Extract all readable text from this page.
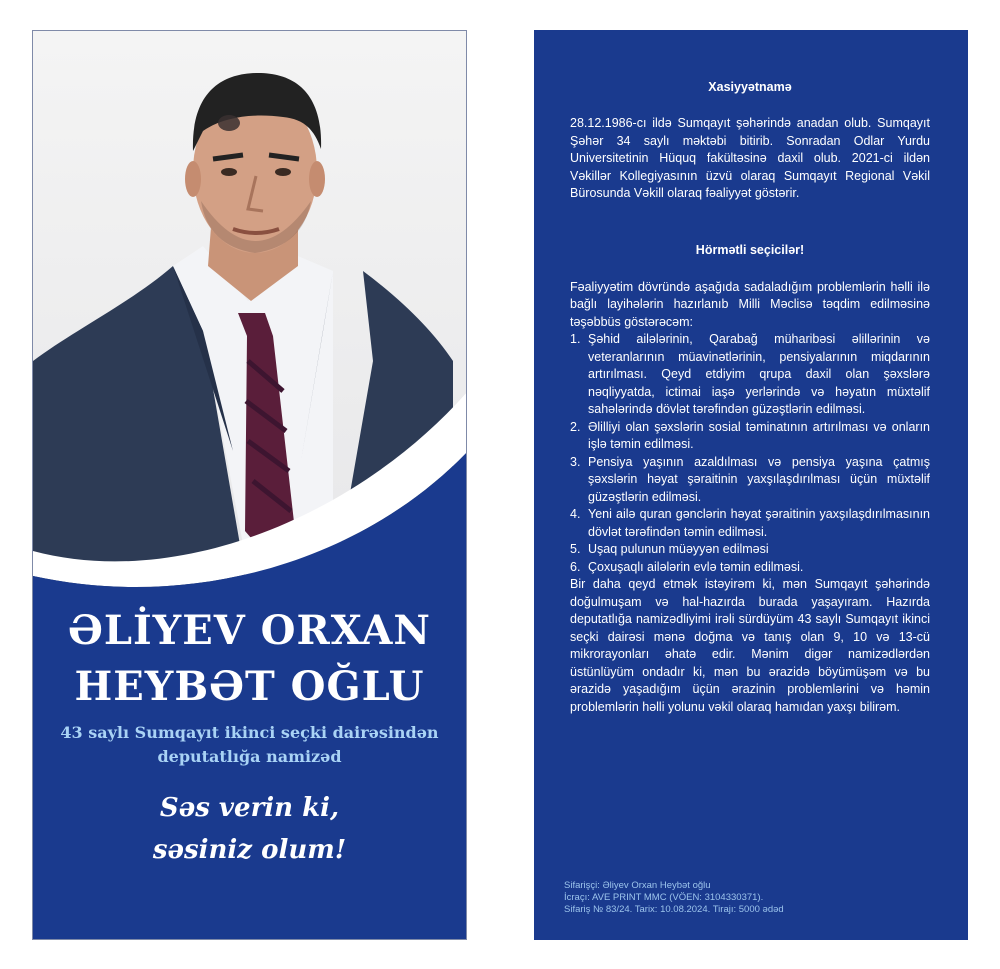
ƏLİYEV ORXAN
HEYBƏT OĞLU
43 saylı Sumqayıt ikinci seçki dairəsindən
deputatlığa namizəd
Səs verin ki,
səsiniz olum!

Xasiyyətnamə

28.12.1986-cı ildə Sumqayıt şəhərində anadan olub. Sumqayıt Şəhər 34 saylı məktəbi bitirib. Sonradan Odlar Yurdu Universitetinin Hüquq fakültəsinə daxil olub. 2021-ci ildən Vəkillər Kollegiyasının üzvü olaraq Sumqayıt Regional Vəkil Bürosunda Vəkill olaraq fəaliyyət göstərir.

Hörmətli seçicilər!

Fəaliyyətim dövründə aşağıda sadaladığım problemlərin həlli ilə bağlı layihələrin hazırlanıb Milli Məclisə təqdim edilməsinə təşəbbüs göstərəcəm:

1. Şəhid ailələrinin, Qarabağ müharibəsi əlillərinin və veteranlarının müavinətlərinin, pensiyalarının miqdarının artırılması. Qeyd etdiyim qrupa daxil olan şəxslərə nəqliyyatda, ictimai iaşə yerlərində və həyatın müxtəlif sahələrində dövlət tərəfindən güzəştlərin edilməsi.
2. Əlilliyi olan şəxslərin sosial təminatının artırılması və onların işlə təmin edilməsi.
3. Pensiya yaşının azaldılması və pensiya yaşına çatmış şəxslərin həyat şəraitinin yaxşılaşdırılması üçün müxtəlif güzəştlərin edilməsi.
4. Yeni ailə quran gənclərin həyat şəraitinin yaxşılaşdırılmasının dövlət tərəfindən təmin edilməsi.
5. Uşaq pulunun müəyyən edilməsi
6. Çoxuşaqlı ailələrin evlə təmin edilməsi.

Bir daha qeyd etmək istəyirəm ki, mən Sumqayıt şəhərində doğulmuşam və hal-hazırda burada yaşayıram. Hazırda deputatlığa namizədliyimi irəli sürdüyüm 43 saylı Sumqayıt ikinci seçki dairəsi mənə doğma və tanış olan 9, 10 və 13-cü mikrorayonları əhatə edir. Mənim digər namizədlərdən üstünlüyüm ondadır ki, mən bu ərazidə böyümüşəm və bu ərazidə yaşadığım üçün ərazinin problemlərini və həmin problemlərin həlli yolunu vəkil olaraq hamıdan yaxşı bilirəm.

Sifarişçi: Əliyev Orxan Heybət oğlu
İcraçı: AVE PRINT MMC (VÖEN: 3104330371).
Sifariş № 83/24. Tarix: 10.08.2024. Tirajı: 5000 ədəd
